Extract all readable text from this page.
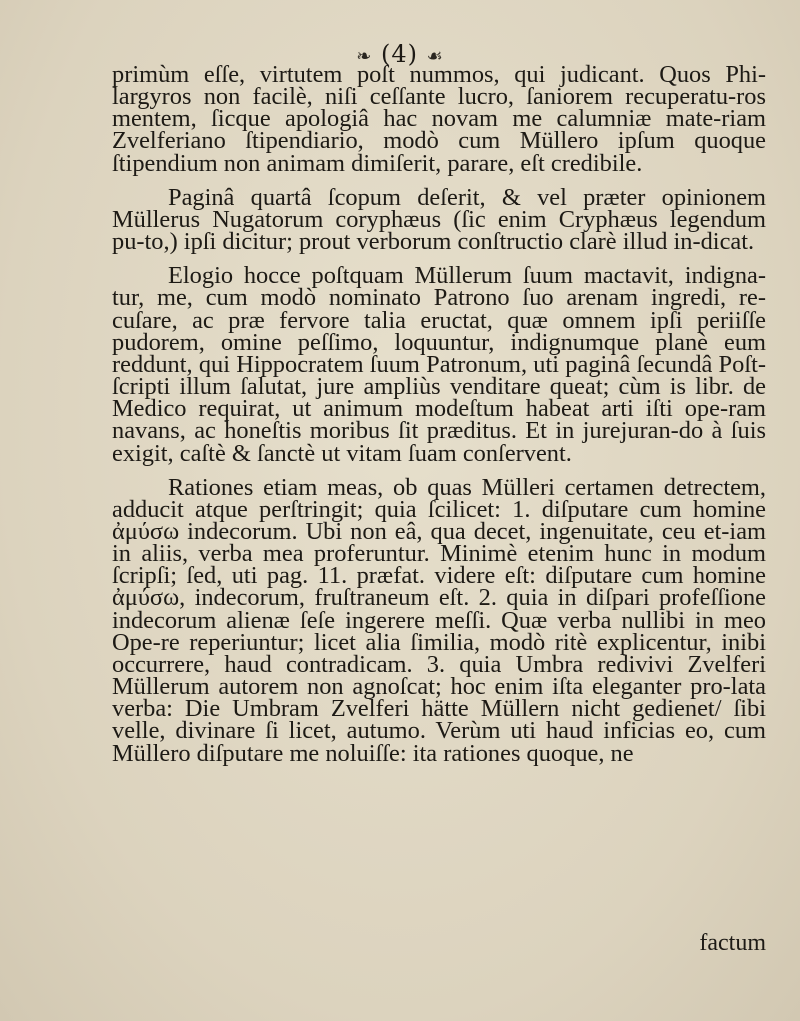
❧ (4) ☙
primùm eſſe, virtutem poſt nummos, qui judicant. Quos Phi-largyros non facilè, niſi ceſſante lucro, ſaniorem recuperatu-ros mentem, ſicque apologiâ hac novam me calumniæ mate-riam Zvelferiano ſtipendiario, modò cum Müllero ipſum quoque ſtipendium non animam dimiſerit, parare, eſt credibile.
Paginâ quartâ ſcopum deſerit, & vel præter opinionem Müllerus Nugatorum coryphæus (ſic enim Cryphæus legendum pu-to,) ipſi dicitur; prout verborum conſtructio clarè illud in-dicat.
Elogio hocce poſtquam Müllerum ſuum mactavit, indigna-tur, me, cum modò nominato Patrono ſuo arenam ingredi, re-cuſare, ac præ fervore talia eructat, quæ omnem ipſi periiſſe pudorem, omine peſſimo, loquuntur, indignumque planè eum reddunt, qui Hippocratem ſuum Patronum, uti paginâ ſecundâ Poſt-ſcripti illum ſalutat, jure ampliùs venditare queat; cùm is libr. de Medico requirat, ut animum modeſtum habeat arti iſti ope-ram navans, ac honeſtis moribus ſit præditus. Et in jurejuran-do à ſuis exigit, caſtè & ſanctè ut vitam ſuam conſervent.
Rationes etiam meas, ob quas Mülleri certamen detrectem, adducit atque perſtringit; quia ſcilicet: 1. diſputare cum homine ἀμύσω indecorum. Ubi non eâ, qua decet, ingenuitate, ceu et-iam in aliis, verba mea proferuntur. Minimè etenim hunc in modum ſcripſi; ſed, uti pag. 11. præfat. videre eſt: diſputare cum homine ἀμύσω, indecorum, fruſtraneum eſt. 2. quia in diſpari profeſſione indecorum alienæ ſeſe ingerere meſſi. Quæ verba nullibi in meo Ope-re reperiuntur; licet alia ſimilia, modò ritè explicentur, inibi occurrere, haud contradicam. 3. quia Umbra redivivi Zvelferi Müllerum autorem non agnoſcat; hoc enim iſta eleganter pro-lata verba: Die Umbram Zvelferi hätte Müllern nicht gedienet/ ſibi velle, divinare ſi licet, autumo. Verùm uti haud inficias eo, cum Müllero diſputare me noluiſſe: ita rationes quoque, ne
factum
